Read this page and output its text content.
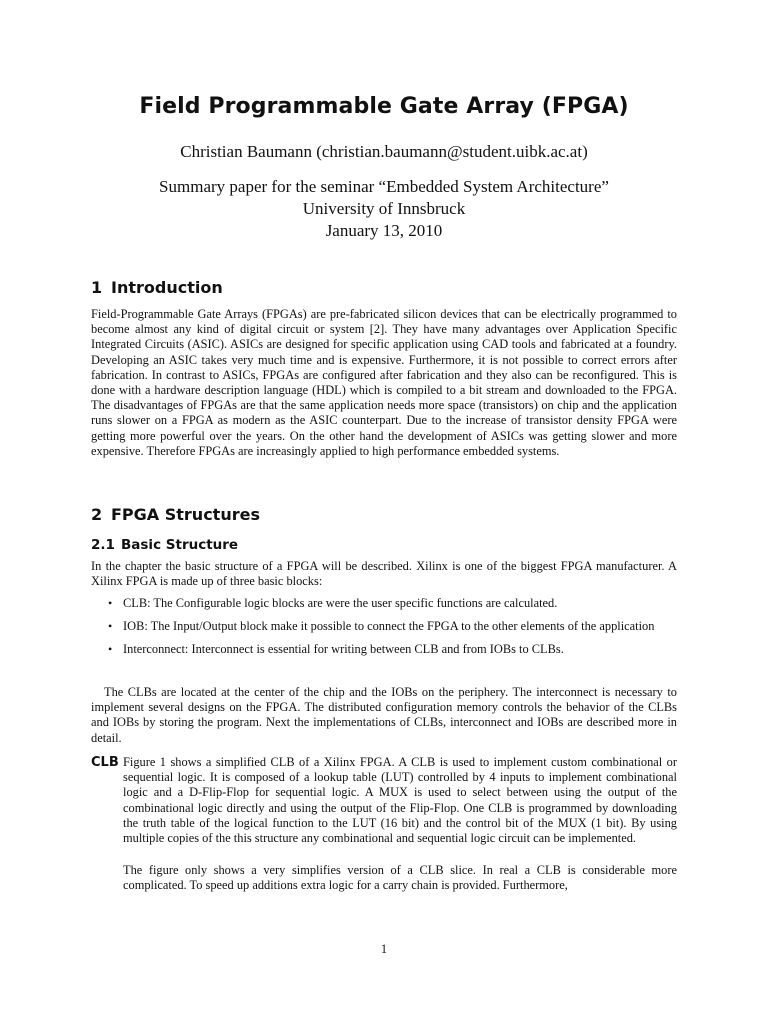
Field Programmable Gate Array (FPGA)
Christian Baumann (christian.baumann@student.uibk.ac.at)
Summary paper for the seminar “Embedded System Architecture”
University of Innsbruck
January 13, 2010
1 Introduction

Field-Programmable Gate Arrays (FPGAs) are pre-fabricated silicon devices that can be electrically programmed to become almost any kind of digital circuit or system [2]. They have many advantages over Application Specific Integrated Circuits (ASIC). ASICs are designed for specific application using CAD tools and fabricated at a foundry. Developing an ASIC takes very much time and is expensive. Furthermore, it is not possible to correct errors after fabrication. In contrast to ASICs, FPGAs are configured after fabrication and they also can be reconfigured. This is done with a hardware description language (HDL) which is compiled to a bit stream and downloaded to the FPGA. The disadvantages of FPGAs are that the same application needs more space (transistors) on chip and the application runs slower on a FPGA as modern as the ASIC counterpart. Due to the increase of transistor density FPGA were getting more powerful over the years. On the other hand the development of ASICs was getting slower and more expensive. Therefore FPGAs are increasingly applied to high performance embedded systems.

2 FPGA Structures
2.1 Basic Structure

In the chapter the basic structure of a FPGA will be described. Xilinx is one of the biggest FPGA manufacturer. A Xilinx FPGA is made up of three basic blocks:

• CLB: The Configurable logic blocks are were the user specific functions are calculated.
• IOB: The Input/Output block make it possible to connect the FPGA to the other elements of the application
• Interconnect: Interconnect is essential for writing between CLB and from IOBs to CLBs.

The CLBs are located at the center of the chip and the IOBs on the periphery. The interconnect is necessary to implement several designs on the FPGA. The distributed configuration memory controls the behavior of the CLBs and IOBs by storing the program. Next the implementations of CLBs, interconnect and IOBs are described more in detail.

CLB Figure 1 shows a simplified CLB of a Xilinx FPGA. A CLB is used to implement custom combinational or sequential logic. It is composed of a lookup table (LUT) controlled by 4 inputs to implement combinational logic and a D-Flip-Flop for sequential logic. A MUX is used to select between using the output of the combinational logic directly and using the output of the Flip-Flop. One CLB is programmed by downloading the truth table of the logical function to the LUT (16 bit) and the control bit of the MUX (1 bit). By using multiple copies of the this structure any combinational and sequential logic circuit can be implemented.

The figure only shows a very simplifies version of a CLB slice. In real a CLB is considerable more complicated. To speed up additions extra logic for a carry chain is provided. Furthermore,

1
